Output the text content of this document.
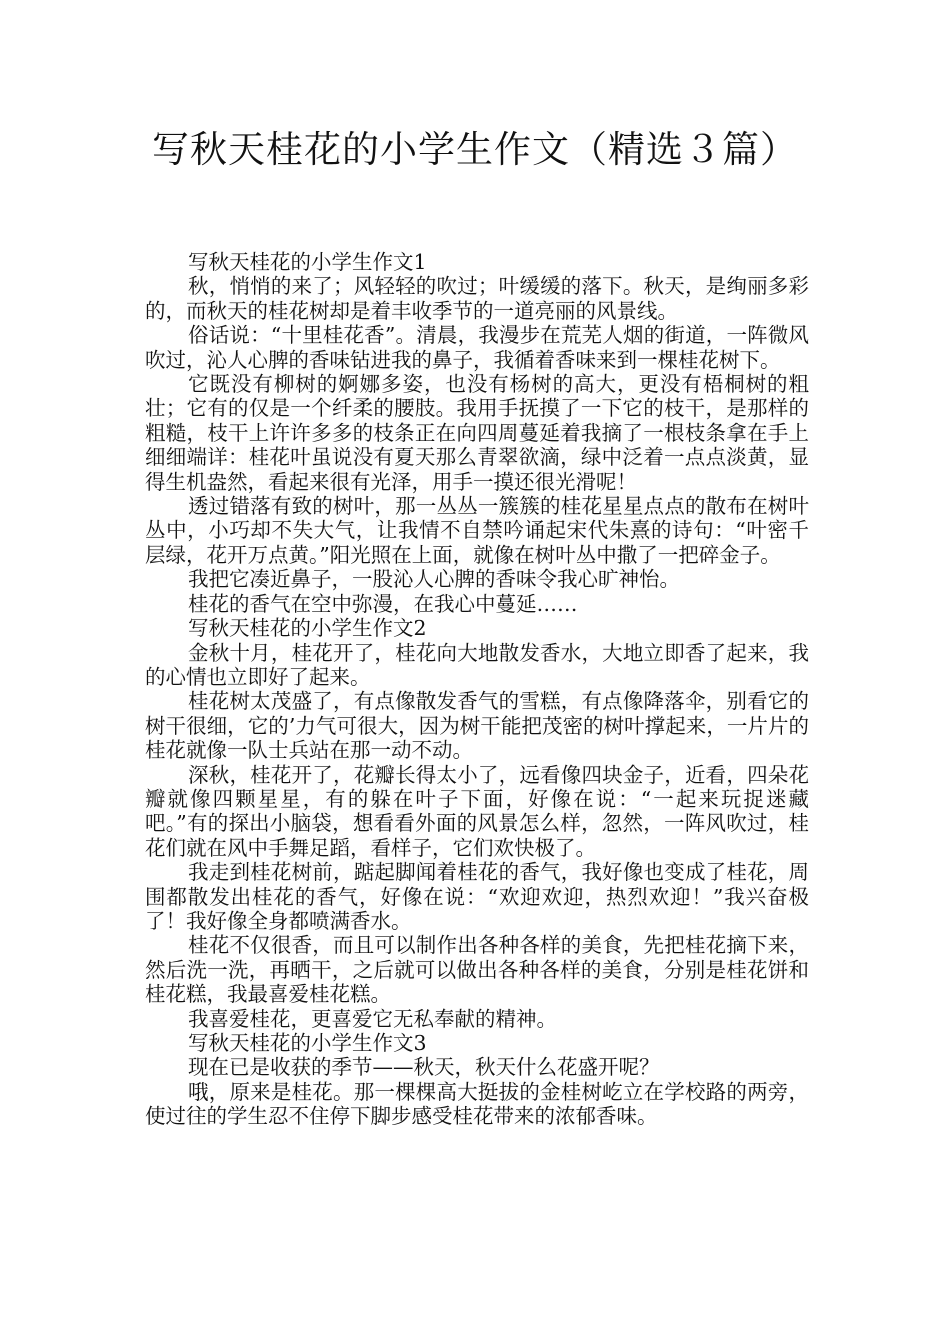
写秋天桂花的小学生作文（精选３篇）

写秋天桂花的小学生作文1

秋，悄悄的来了；风轻轻的吹过；叶缓缓的落下。秋天，是绚丽多彩的，而秋天的桂花树却是着丰收季节的一道亮丽的风景线。

俗话说：“十里桂花香”。清晨，我漫步在荒芜人烟的街道，一阵微风吹过，沁人心脾的香味钻进我的鼻子，我循着香味来到一棵桂花树下。

它既没有柳树的婀娜多姿，也没有杨树的高大，更没有梧桐树的粗壮；它有的仅是一个纤柔的腰肢。我用手抚摸了一下它的枝干，是那样的粗糙，枝干上许许多多的枝条正在向四周蔓延着我摘了一根枝条拿在手上细细端详：桂花叶虽说没有夏天那么青翠欲滴，绿中泛着一点点淡黄，显得生机盎然，看起来很有光泽，用手一摸还很光滑呢！

透过错落有致的树叶，那一丛丛一簇簇的桂花星星点点的散布在树叶丛中，小巧却不失大气，让我情不自禁吟诵起宋代朱熹的诗句：“叶密千层绿，花开万点黄。”阳光照在上面，就像在树叶丛中撒了一把碎金子。

我把它凑近鼻子，一股沁人心脾的香味令我心旷神怡。

桂花的香气在空中弥漫，在我心中蔓延……

写秋天桂花的小学生作文2

金秋十月，桂花开了，桂花向大地散发香水，大地立即香了起来，我的心情也立即好了起来。

桂花树太茂盛了，有点像散发香气的雪糕，有点像降落伞，别看它的树干很细，它的’力气可很大，因为树干能把茂密的树叶撑起来，一片片的桂花就像一队士兵站在那一动不动。

深秋，桂花开了，花瓣长得太小了，远看像四块金子，近看，四朵花瓣就像四颗星星，有的躲在叶子下面，好像在说：“一起来玩捉迷藏吧。”有的探出小脑袋，想看看外面的风景怎么样，忽然，一阵风吹过，桂花们就在风中手舞足蹈，看样子，它们欢快极了。

我走到桂花树前，踮起脚闻着桂花的香气，我好像也变成了桂花，周围都散发出桂花的香气，好像在说：“欢迎欢迎，热烈欢迎！”我兴奋极了！我好像全身都喷满香水。

桂花不仅很香，而且可以制作出各种各样的美食，先把桂花摘下来，然后洗一洗，再晒干，之后就可以做出各种各样的美食，分别是桂花饼和桂花糕，我最喜爱桂花糕。

我喜爱桂花，更喜爱它无私奉献的精神。

写秋天桂花的小学生作文3

现在已是收获的季节——秋天，秋天什么花盛开呢？

哦，原来是桂花。那一棵棵高大挺拔的金桂树屹立在学校路的两旁，使过往的学生忍不住停下脚步感受桂花带来的浓郁香味。
